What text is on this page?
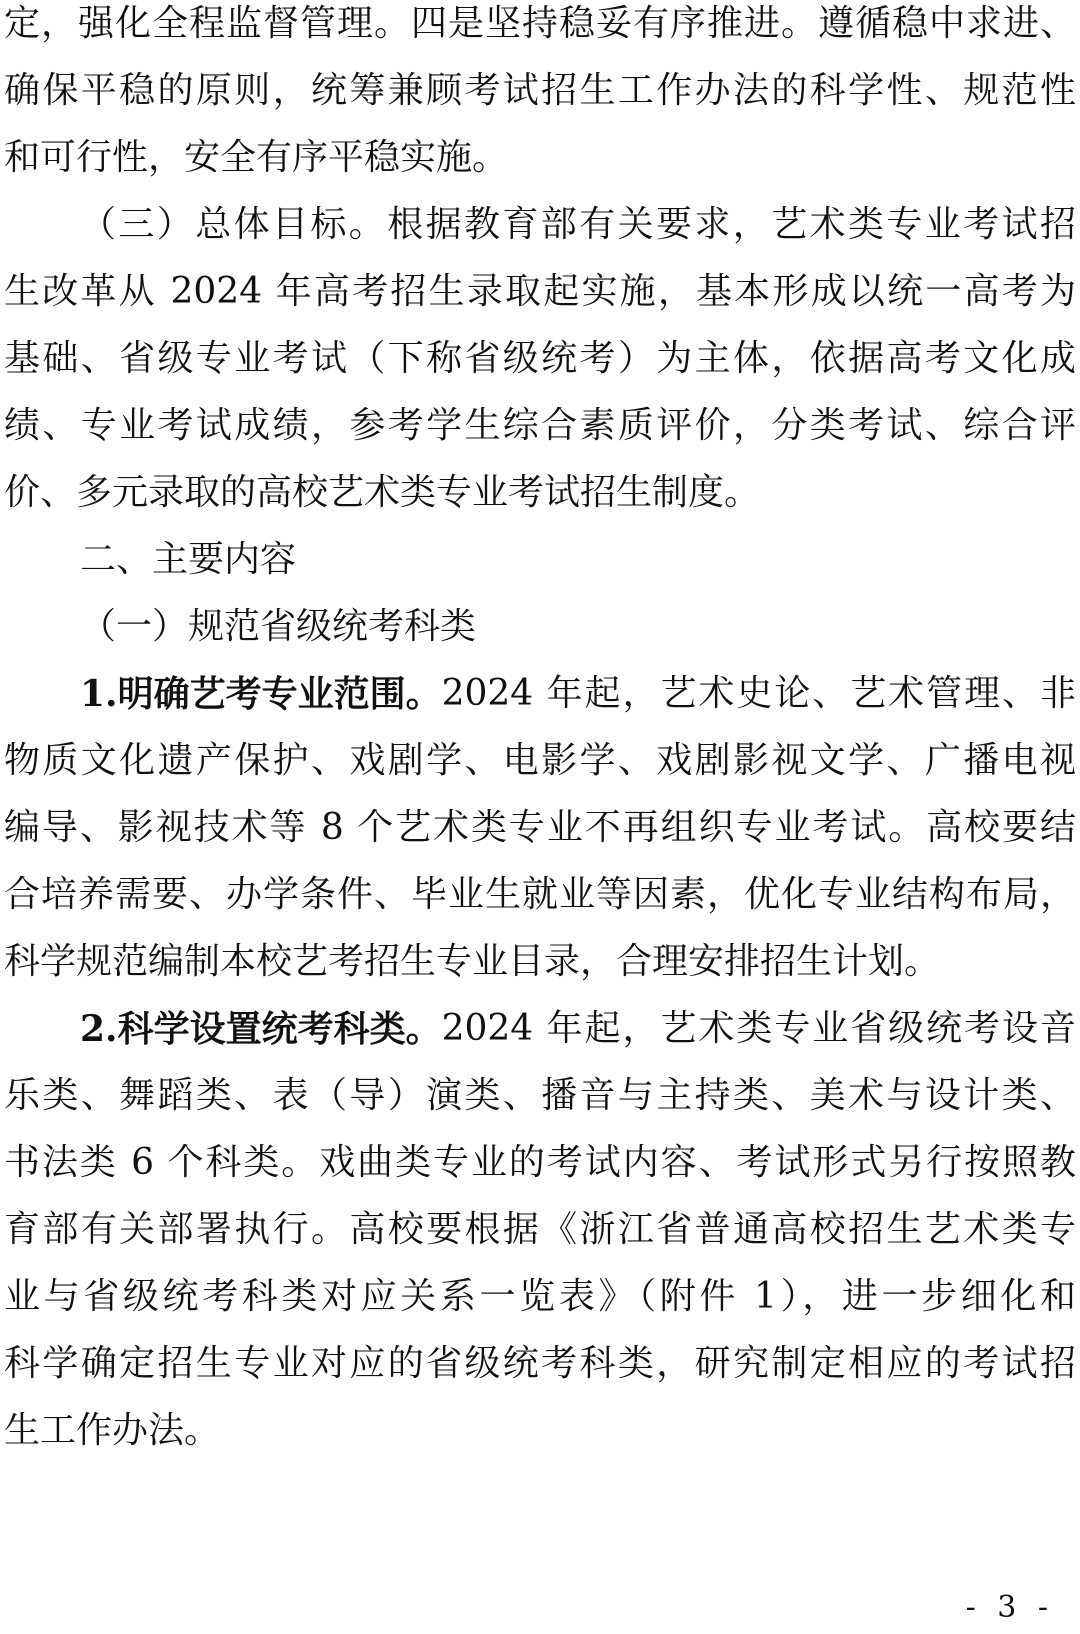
定，强化全程监督管理。四是坚持稳妥有序推进。遵循稳中求进、
确保平稳的原则，统筹兼顾考试招生工作办法的科学性、规范性
和可行性，安全有序平稳实施。
（三）总体目标。根据教育部有关要求，艺术类专业考试招
生改革从 2024 年高考招生录取起实施，基本形成以统一高考为
基础、省级专业考试（下称省级统考）为主体，依据高考文化成
绩、专业考试成绩，参考学生综合素质评价，分类考试、综合评
价、多元录取的高校艺术类专业考试招生制度。
二、主要内容
（一）规范省级统考科类
1.明确艺考专业范围。 2024 年起，艺术史论、艺术管理、非
物质文化遗产保护、戏剧学、电影学、戏剧影视文学、广播电视
编导、影视技术等 8 个艺术类专业不再组织专业考试。高校要结
合培养需要、办学条件、毕业生就业等因素，优化专业结构布局，
科学规范编制本校艺考招生专业目录，合理安排招生计划。
2.科学设置统考科类。 2024 年起，艺术类专业省级统考设音
乐类、舞蹈类、表（导）演类、播音与主持类、美术与设计类、
书法类 6 个科类。戏曲类专业的考试内容、考试形式另行按照教
育部有关部署执行。高校要根据《浙江省普通高校招生艺术类专
业与省级统考科类对应关系一览表》（附件 1），进一步细化和
科学确定招生专业对应的省级统考科类，研究制定相应的考试招
生工作办法。
- 3 -
